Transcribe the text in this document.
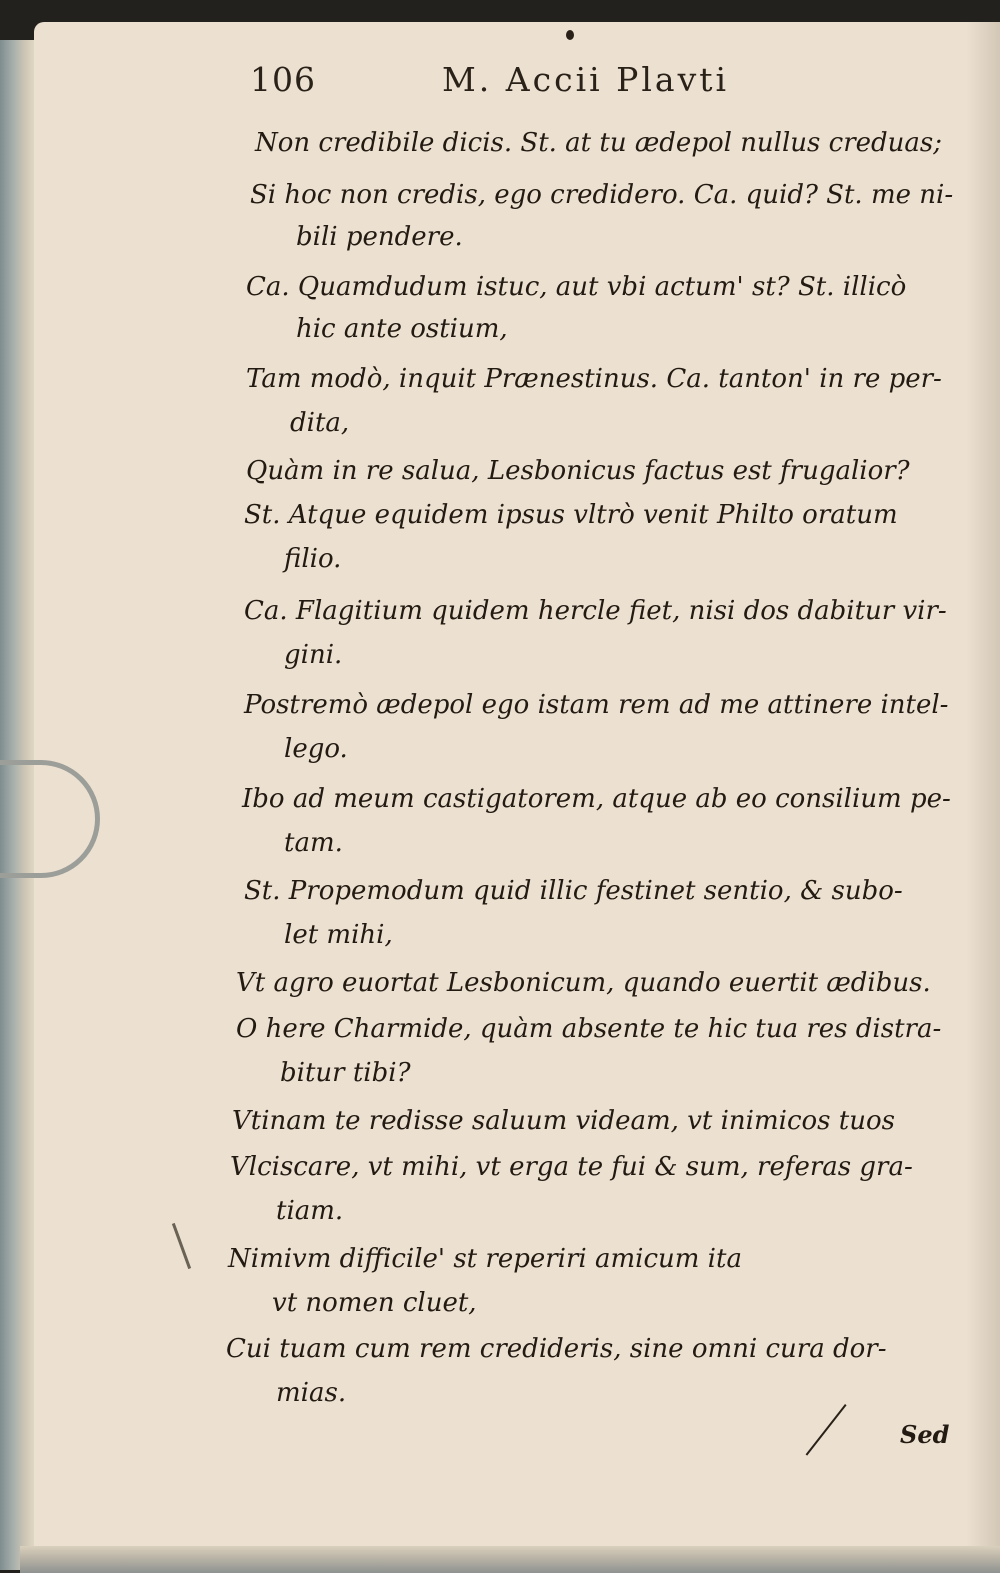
106	M. Accii Plavti
Non credibile dicis. St. at tu ædepol nullus creduas;
Si hoc non credis, ego credidero. Ca. quid? St. me ni-
bili pendere.
Ca. Quamdudum istuc, aut vbi actum' st? St. illicò
hic ante ostium,
Tam modò, inquit Prænestinus. Ca. tanton' in re per-
dita,
Quàm in re salua, Lesbonicus factus est frugalior?
St. Atque equidem ipsus vltrò venit Philto oratum
filio.
Ca. Flagitium quidem hercle fiet, nisi dos dabitur vir-
gini.
Postremò ædepol ego istam rem ad me attinere intel-
lego.
Ibo ad meum castigatorem, atque ab eo consilium pe-
tam.
St. Propemodum quid illic festinet sentio, & subo-
let mihi,
Vt agro euortat Lesbonicum, quando euertit ædibus.
O here Charmide, quàm absente te hic tua res distra-
bitur tibi?
Vtinam te redisse saluum videam, vt inimicos tuos
Vlciscare, vt mihi, vt erga te fui & sum, referas gra-
tiam.
Nimivm difficile' st reperiri amicum ita
vt nomen cluet,
Cui tuam cum rem credideris, sine omni cura dor-
mias.
Sed
